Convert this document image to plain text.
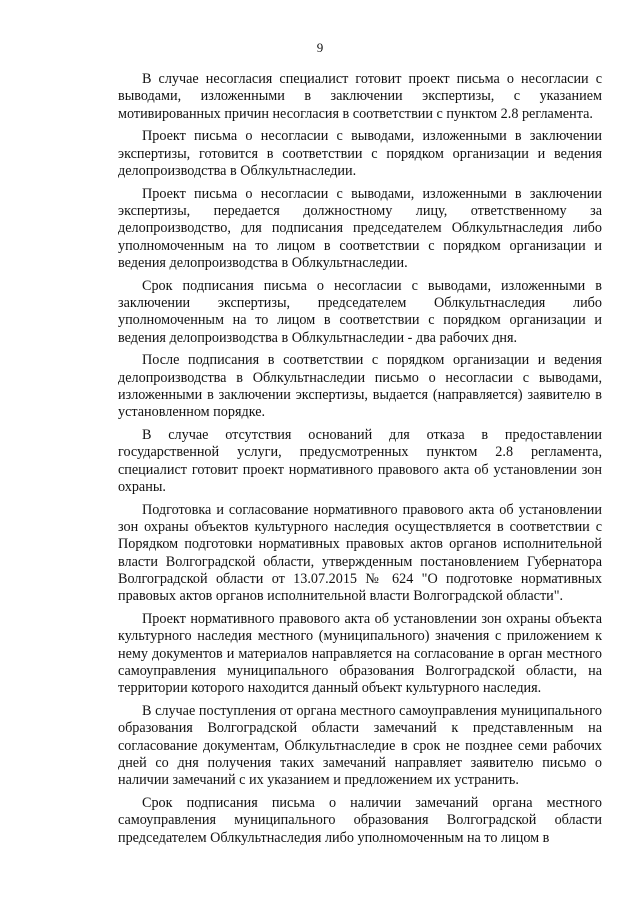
9

В случае несогласия специалист готовит проект письма о несогласии с выводами, изложенными в заключении экспертизы, с указанием мотивированных причин несогласия в соответствии с пунктом 2.8 регламента.

Проект письма о несогласии с выводами, изложенными в заключении экспертизы, готовится в соответствии с порядком организации и ведения делопроизводства в Облкультнаследии.

Проект письма о несогласии с выводами, изложенными в заключении экспертизы, передается должностному лицу, ответственному за делопроизводство, для подписания председателем Облкультнаследия либо уполномоченным на то лицом в соответствии с порядком организации и ведения делопроизводства в Облкультнаследии.

Срок подписания письма о несогласии с выводами, изложенными в заключении экспертизы, председателем Облкультнаследия либо уполномоченным на то лицом в соответствии с порядком организации и ведения делопроизводства в Облкультнаследии - два рабочих дня.

После подписания в соответствии с порядком организации и ведения делопроизводства в Облкультнаследии письмо о несогласии с выводами, изложенными в заключении экспертизы, выдается (направляется) заявителю в установленном порядке.

В случае отсутствия оснований для отказа в предоставлении государственной услуги, предусмотренных пунктом 2.8 регламента, специалист готовит проект нормативного правового акта об установлении зон охраны.

Подготовка и согласование нормативного правового акта об установлении зон охраны объектов культурного наследия осуществляется в соответствии с Порядком подготовки нормативных правовых актов органов исполнительной власти Волгоградской области, утвержденным постановлением Губернатора Волгоградской области от 13.07.2015 № 624 "О подготовке нормативных правовых актов органов исполнительной власти Волгоградской области".

Проект нормативного правового акта об установлении зон охраны объекта культурного наследия местного (муниципального) значения с приложением к нему документов и материалов направляется на согласование в орган местного самоуправления муниципального образования Волгоградской области, на территории которого находится данный объект культурного наследия.

В случае поступления от органа местного самоуправления муниципального образования Волгоградской области замечаний к представленным на согласование документам, Облкультнаследие в срок не позднее семи рабочих дней со дня получения таких замечаний направляет заявителю письмо о наличии замечаний с их указанием и предложением их устранить.

Срок подписания письма о наличии замечаний органа местного самоуправления муниципального образования Волгоградской области председателем Облкультнаследия либо уполномоченным на то лицом в
